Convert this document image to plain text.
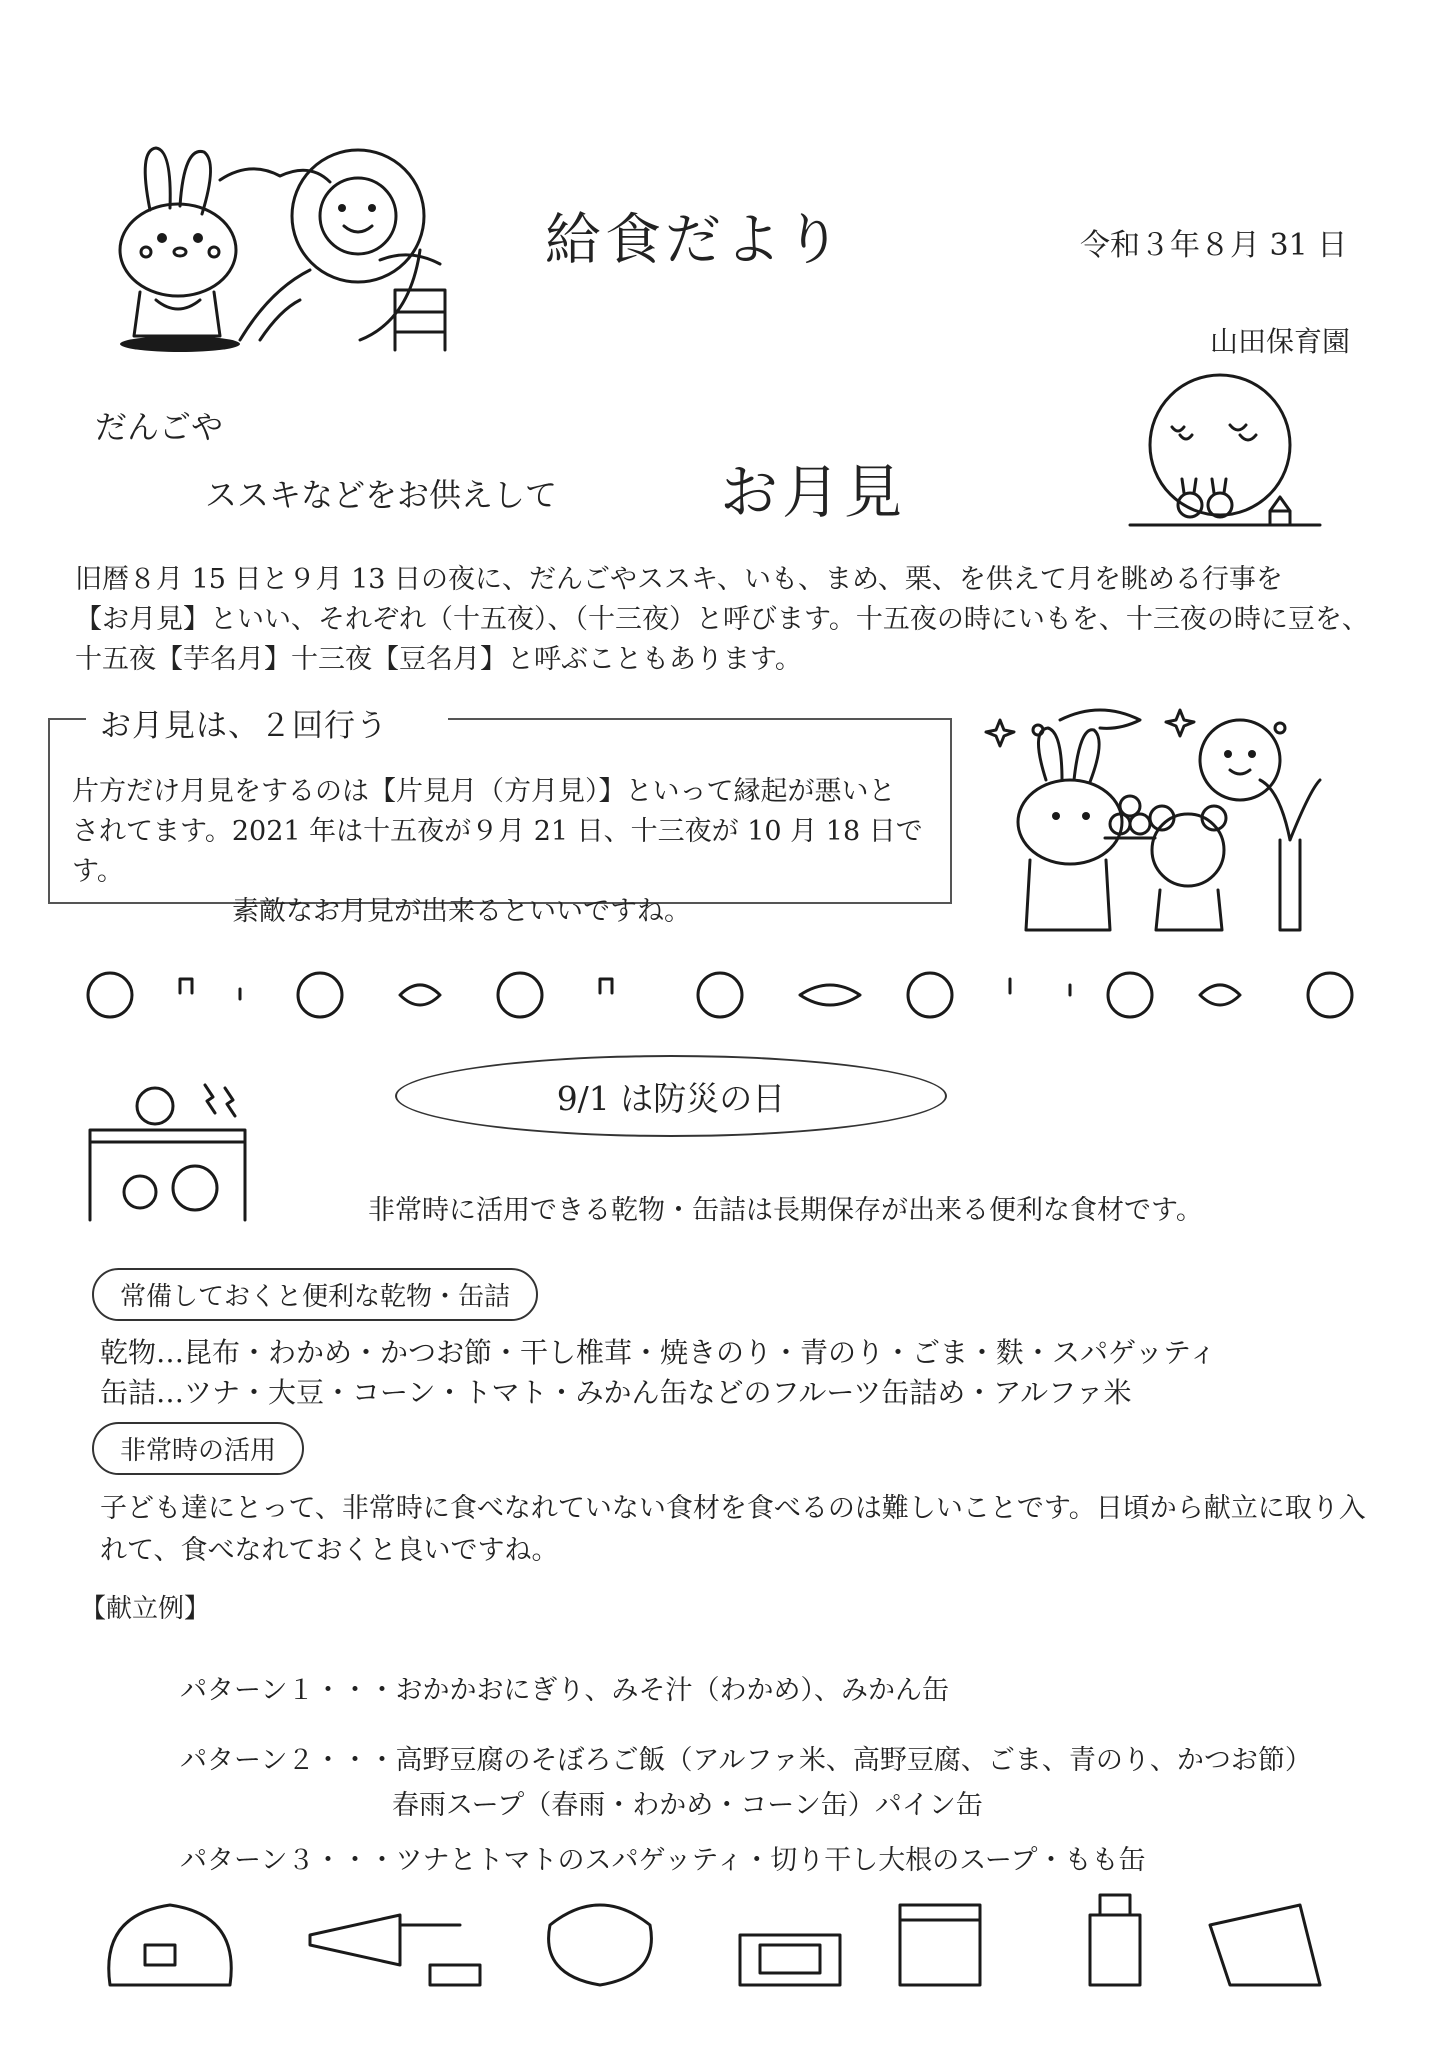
給食だより	令和３年８月 31 日
山田保育園
だんごや
ススキなどをお供えして	お月見

旧暦８月 15 日と９月 13 日の夜に、だんごやススキ、いも、まめ、栗、を供えて月を眺める行事を

【お月見】といい、それぞれ（十五夜）、（十三夜）と呼びます。十五夜の時にいもを、十三夜の時に豆を、

十五夜【芋名月】十三夜【豆名月】と呼ぶこともあります。

お月見は、２回行う

片方だけ月見をするのは【片見月（方月見）】といって縁起が悪いと

されてます。2021 年は十五夜が９月 21 日、十三夜が 10 月 18 日です。

素敵なお月見が出来るといいですね。

9/1 は防災の日
非常時に活用できる乾物・缶詰は長期保存が出来る便利な食材です。
常備しておくと便利な乾物・缶詰

乾物…昆布・わかめ・かつお節・干し椎茸・焼きのり・青のり・ごま・麩・スパゲッティ

缶詰…ツナ・大豆・コーン・トマト・みかん缶などのフルーツ缶詰め・アルファ米

非常時の活用

子ども達にとって、非常時に食べなれていない食材を食べるのは難しいことです。日頃から献立に取り入

れて、食べなれておくと良いですね。

【献立例】
パターン１・・・おかかおにぎり、みそ汁（わかめ）、みかん缶
パターン２・・・高野豆腐のそぼろご飯（アルファ米、高野豆腐、ごま、青のり、かつお節）
春雨スープ（春雨・わかめ・コーン缶）パイン缶
パターン３・・・ツナとトマトのスパゲッティ・切り干し大根のスープ・もも缶
